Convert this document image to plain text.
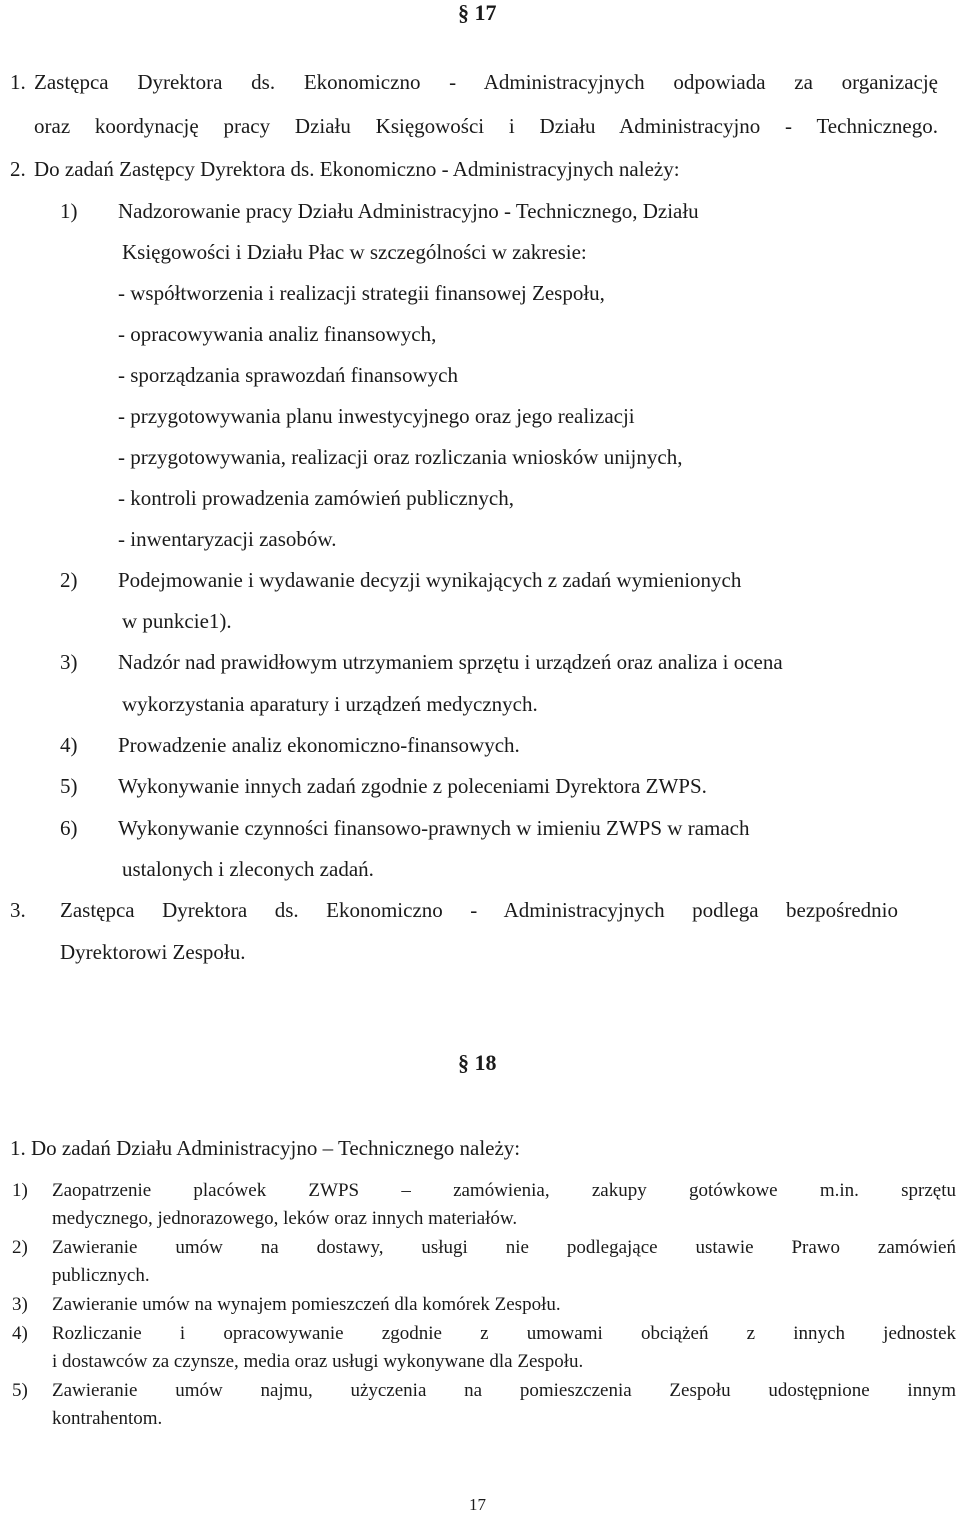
§ 17
1. Zastępca Dyrektora ds. Ekonomiczno - Administracyjnych odpowiada za organizację
oraz koordynację pracy Działu Księgowości i Działu Administracyjno - Technicznego.
2. Do zadań Zastępcy Dyrektora ds. Ekonomiczno - Administracyjnych należy:
1) Nadzorowanie pracy Działu Administracyjno - Technicznego, Działu
Księgowości i Działu Płac w szczególności w zakresie:
- współtworzenia i realizacji strategii finansowej Zespołu,
- opracowywania analiz finansowych,
- sporządzania sprawozdań finansowych
- przygotowywania planu inwestycyjnego oraz jego realizacji
- przygotowywania, realizacji oraz rozliczania wniosków unijnych,
- kontroli prowadzenia zamówień publicznych,
- inwentaryzacji zasobów.
2) Podejmowanie i wydawanie decyzji wynikających z zadań wymienionych
w punkcie1).
3) Nadzór nad prawidłowym utrzymaniem sprzętu i urządzeń oraz analiza i ocena
wykorzystania aparatury i urządzeń medycznych.
4) Prowadzenie analiz ekonomiczno-finansowych.
5) Wykonywanie innych zadań zgodnie z poleceniami Dyrektora ZWPS.
6) Wykonywanie czynności finansowo-prawnych w imieniu ZWPS w ramach
ustalonych i zleconych zadań.
3. Zastępca Dyrektora ds. Ekonomiczno - Administracyjnych podlega bezpośrednio
Dyrektorowi Zespołu.
§ 18
1. Do zadań Działu Administracyjno – Technicznego należy:
1) Zaopatrzenie placówek ZWPS – zamówienia, zakupy gotówkowe m.in. sprzętu
medycznego, jednorazowego, leków oraz innych materiałów.
2) Zawieranie umów na dostawy, usługi nie podlegające ustawie Prawo zamówień
publicznych.
3) Zawieranie umów na wynajem pomieszczeń dla komórek Zespołu.
4) Rozliczanie i opracowywanie zgodnie z umowami obciążeń z innych jednostek
i dostawców za czynsze, media oraz usługi wykonywane dla Zespołu.
5) Zawieranie umów najmu, użyczenia na pomieszczenia Zespołu udostępnione innym
kontrahentom.
17
